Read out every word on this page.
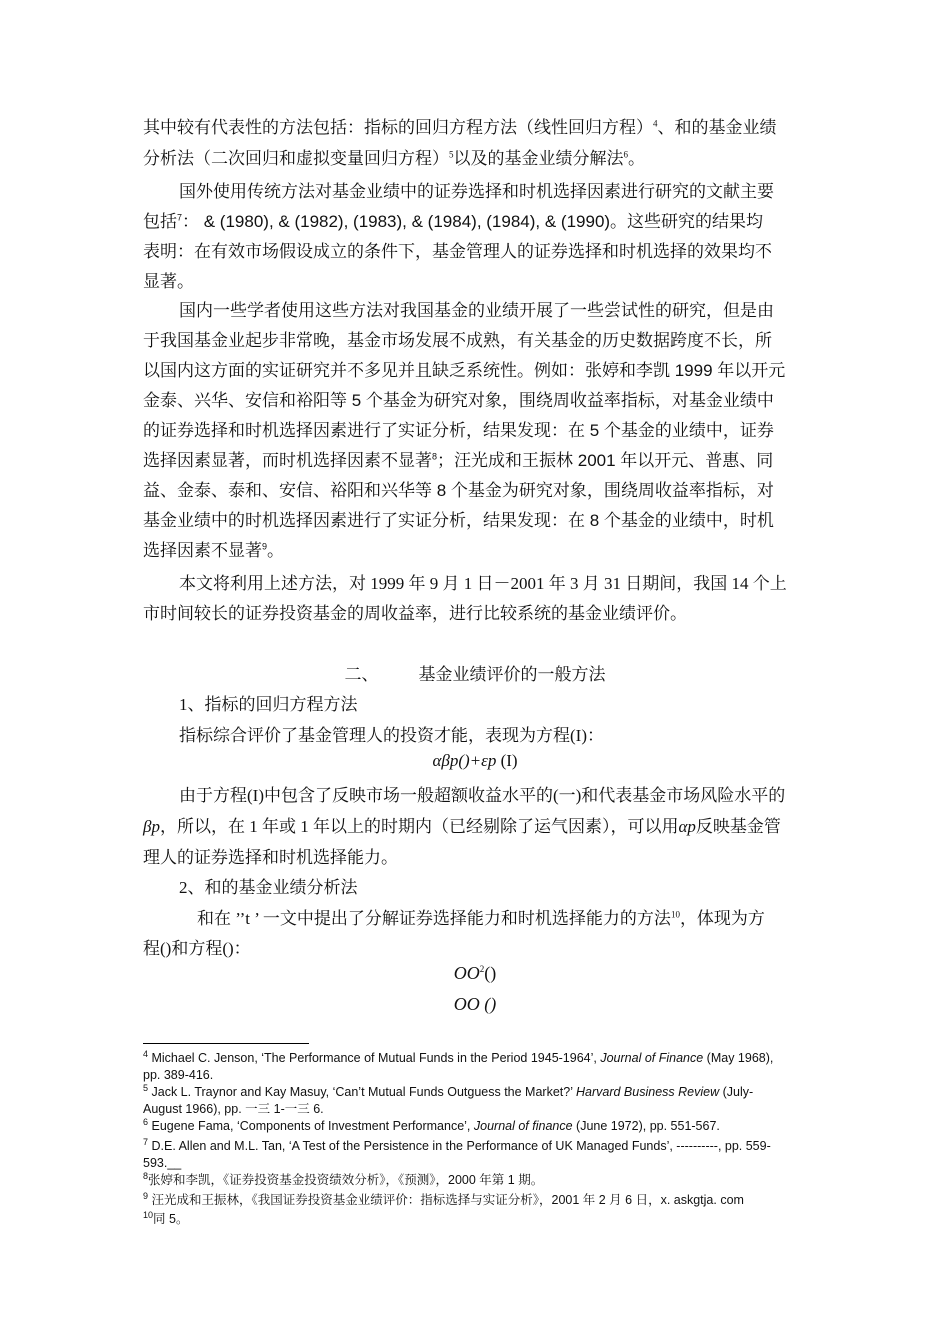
其中较有代表性的方法包括：指标的回归方程方法（线性回归方程）$^4$、和的基金业绩
分析法（二次回归和虚拟变量回归方程）$^5$以及的基金业绩分解法$^6$。
国外使用传统方法对基金业绩中的证券选择和时机选择因素进行研究的文献主要
包括$^7$： & (1980), & (1982), (1983), & (1984), (1984), & (1990)。这些研究的结果均
表明：在有效市场假设成立的条件下，基金管理人的证券选择和时机选择的效果均不
显著。
国内一些学者使用这些方法对我国基金的业绩开展了一些尝试性的研究，但是由
于我国基金业起步非常晚，基金市场发展不成熟，有关基金的历史数据跨度不长，所
以国内这方面的实证研究并不多见并且缺乏系统性。例如：张婷和李凯 1999 年以开元
金泰、兴华、安信和裕阳等 5 个基金为研究对象，围绕周收益率指标，对基金业绩中
的证券选择和时机选择因素进行了实证分析，结果发现：在 5 个基金的业绩中，证券
选择因素显著，而时机选择因素不显著$^8$；汪光成和王振林 2001 年以开元、普惠、同
益、金泰、泰和、安信、裕阳和兴华等 8 个基金为研究对象，围绕周收益率指标，对
基金业绩中的时机选择因素进行了实证分析，结果发现：在 8 个基金的业绩中，时机
选择因素不显著$^9$。
本文将利用上述方法，对 1999 年 9 月 1 日－2001 年 3 月 31 日期间，我国 14 个上
市时间较长的证券投资基金的周收益率，进行比较系统的基金业绩评价。
二、 基金业绩评价的一般方法
1、指标的回归方程方法
指标综合评价了基金管理人的投资才能，表现为方程(I)：
αβp()+εp (I)
由于方程(I)中包含了反映市场一般超额收益水平的(一)和代表基金市场风险水平的
βp，所以，在 1 年或 1 年以上的时期内（已经剔除了运气因素），可以用αp反映基金管
理人的证券选择和时机选择能力。
2、和的基金业绩分析法
和在 ’’t ’ 一文中提出了分解证券选择能力和时机选择能力的方法$^{10}$，体现为方
程()和方程()：
$OO^2()$
OO ()
$^4$ Michael C. Jenson, ‘The Performance of Mutual Funds in the Period 1945-1964’, Journal of Finance (May 1968),
pp. 389-416.
$^5$ Jack L. Traynor and Kay Masuy, ‘Can’t Mutual Funds Outguess the Market?’ Harvard Business Review (July-
August 1966), pp. 一三 1-一三 6.
$^6$ Eugene Fama, ‘Components of Investment Performance’, Journal of finance (June 1972), pp. 551-567.
$^7$ D.E. Allen and M.L. Tan, ‘A Test of the Persistence in the Performance of UK Managed Funds’, ----------, pp. 559-
593.__
$^8$张婷和李凯，《证券投资基金投资绩效分析》，《预测》，2000 年第 1 期。
$^9$ 汪光成和王振林，《我国证券投资基金业绩评价：指标选择与实证分析》，2001 年 2 月 6 日，x. askgtja. com
$^{10}$同 5。
